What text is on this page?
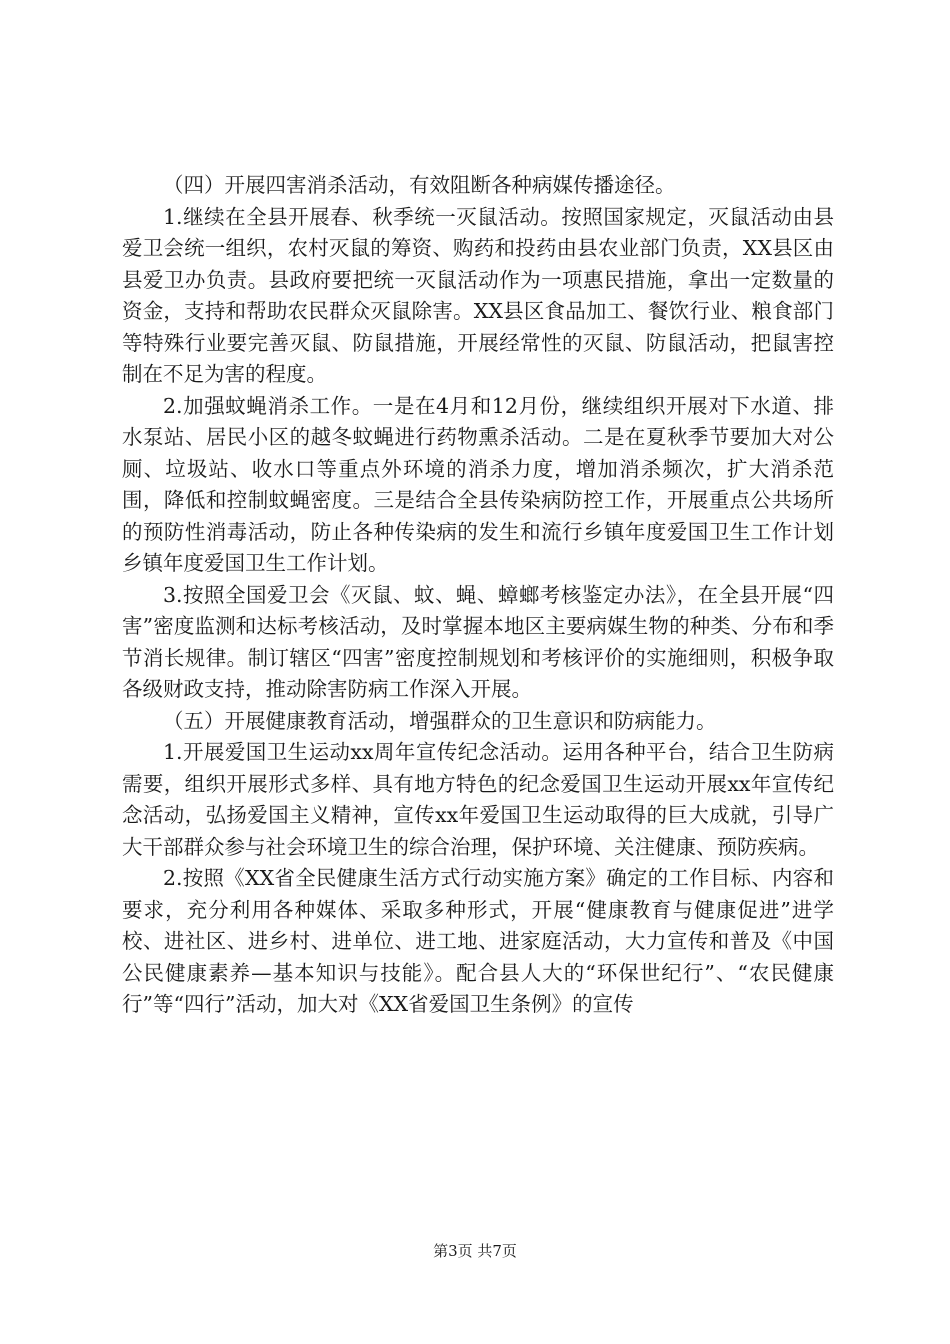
（四）开展四害消杀活动，有效阻断各种病媒传播途径。

1.继续在全县开展春、秋季统一灭鼠活动。按照国家规定，灭鼠活动由县爱卫会统一组织，农村灭鼠的筹资、购药和投药由县农业部门负责，XX县区由县爱卫办负责。县政府要把统一灭鼠活动作为一项惠民措施，拿出一定数量的资金，支持和帮助农民群众灭鼠除害。XX县区食品加工、餐饮行业、粮食部门等特殊行业要完善灭鼠、防鼠措施，开展经常性的灭鼠、防鼠活动，把鼠害控制在不足为害的程度。

2.加强蚊蝇消杀工作。一是在4月和12月份，继续组织开展对下水道、排水泵站、居民小区的越冬蚊蝇进行药物熏杀活动。二是在夏秋季节要加大对公厕、垃圾站、收水口等重点外环境的消杀力度，增加消杀频次，扩大消杀范围，降低和控制蚊蝇密度。三是结合全县传染病防控工作，开展重点公共场所的预防性消毒活动，防止各种传染病的发生和流行乡镇年度爱国卫生工作计划乡镇年度爱国卫生工作计划。

3.按照全国爱卫会《灭鼠、蚊、蝇、蟑螂考核鉴定办法》，在全县开展“四害”密度监测和达标考核活动，及时掌握本地区主要病媒生物的种类、分布和季节消长规律。制订辖区“四害”密度控制规划和考核评价的实施细则，积极争取各级财政支持，推动除害防病工作深入开展。

（五）开展健康教育活动，增强群众的卫生意识和防病能力。

1.开展爱国卫生运动xx周年宣传纪念活动。运用各种平台，结合卫生防病需要，组织开展形式多样、具有地方特色的纪念爱国卫生运动开展xx年宣传纪念活动，弘扬爱国主义精神，宣传xx年爱国卫生运动取得的巨大成就，引导广大干部群众参与社会环境卫生的综合治理，保护环境、关注健康、预防疾病。

2.按照《XX省全民健康生活方式行动实施方案》确定的工作目标、内容和要求，充分利用各种媒体、采取多种形式，开展“健康教育与健康促进”进学校、进社区、进乡村、进单位、进工地、进家庭活动，大力宣传和普及《中国公民健康素养—基本知识与技能》。配合县人大的“环保世纪行”、“农民健康行”等“四行”活动，加大对《XX省爱国卫生条例》的宣传

第3页 共7页
